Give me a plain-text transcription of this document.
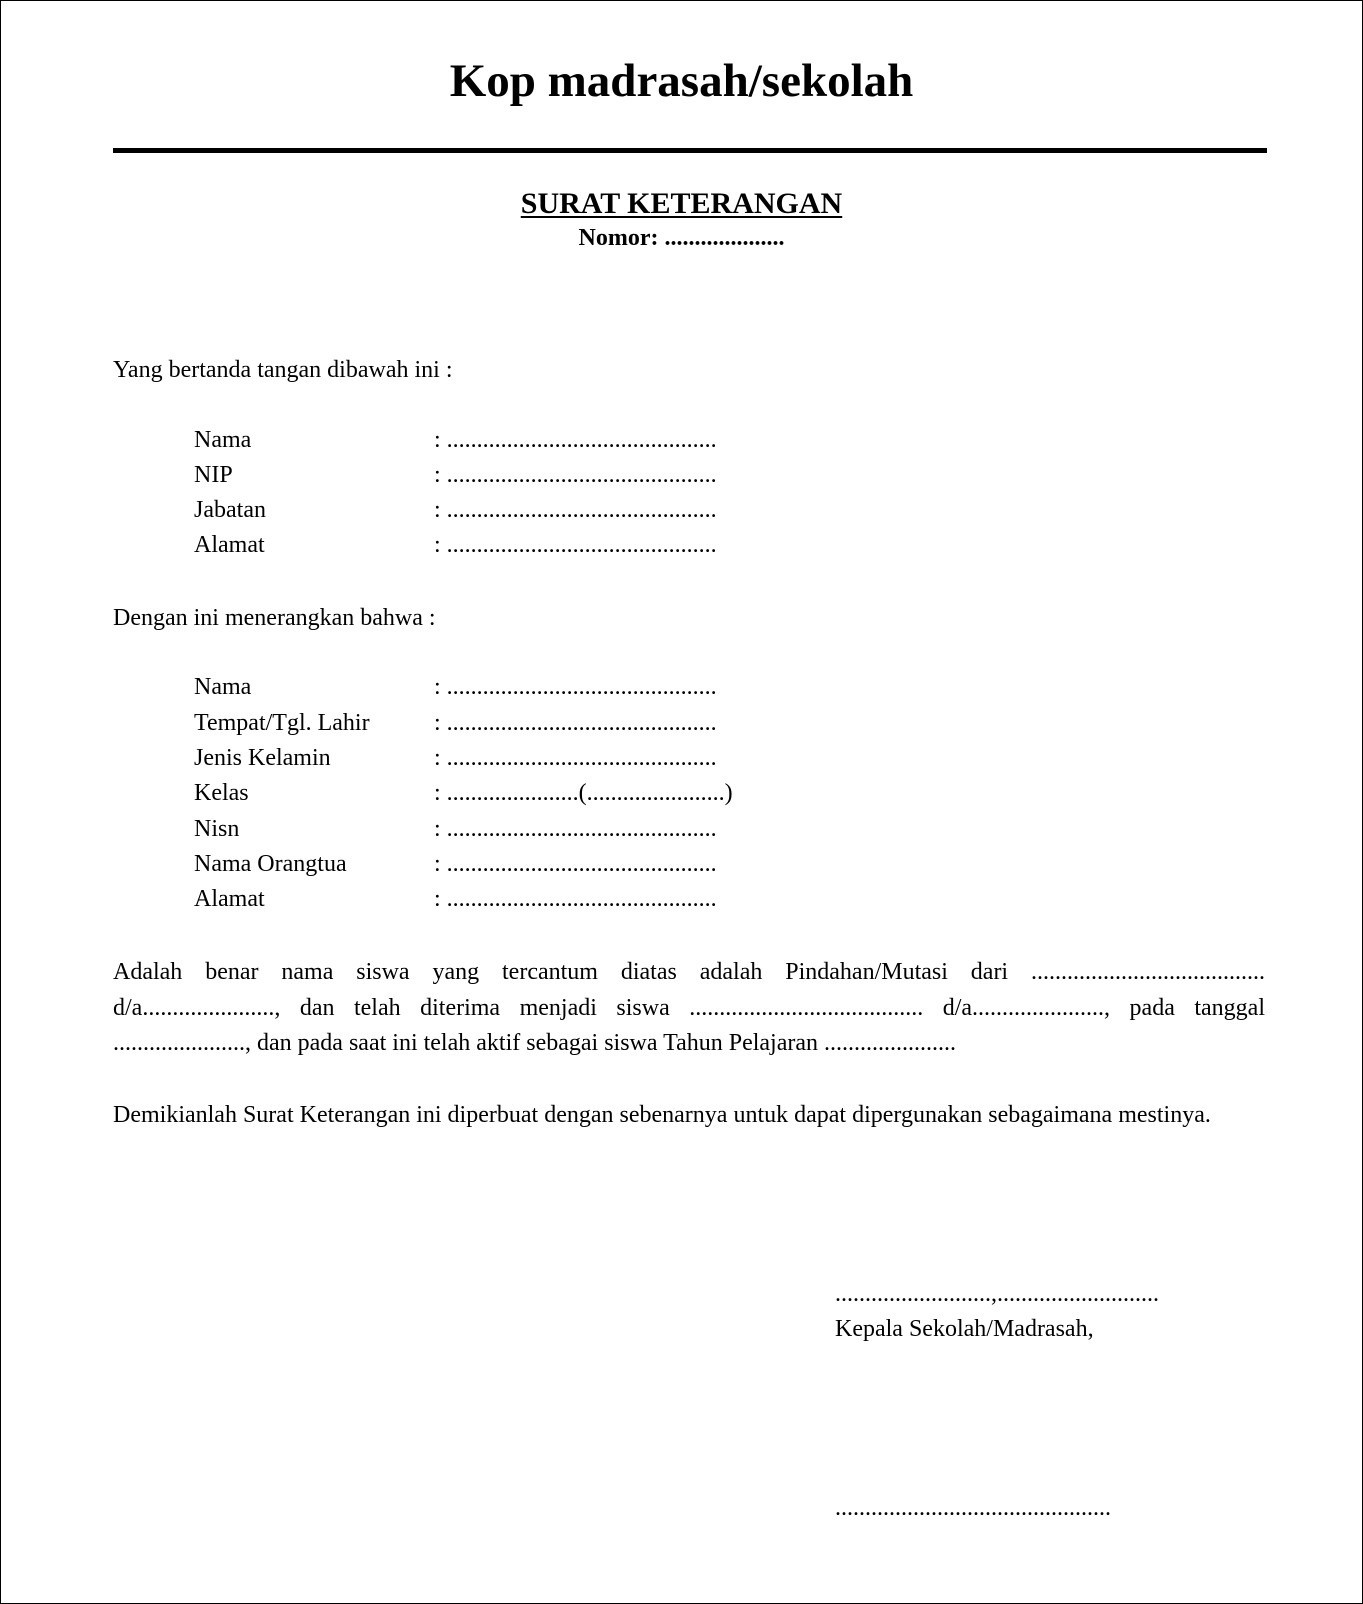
Kop madrasah/sekolah
SURAT KETERANGAN
Nomor: ....................
Yang bertanda tangan dibawah ini :
Nama	: .............................................
NIP	: .............................................
Jabatan	: .............................................
Alamat	: .............................................
Dengan ini menerangkan bahwa :
Nama	: .............................................
Tempat/Tgl. Lahir	: .............................................
Jenis Kelamin	: .............................................
Kelas	: ......................(.......................)
Nisn	: .............................................
Nama Orangtua	: .............................................
Alamat	: .............................................
Adalah benar nama siswa yang tercantum diatas adalah Pindahan/Mutasi dari ....................................... d/a......................, dan telah diterima menjadi siswa ....................................... d/a......................, pada tanggal ......................, dan pada saat ini telah aktif sebagai siswa Tahun Pelajaran ......................
Demikianlah Surat Keterangan ini diperbuat dengan sebenarnya untuk dapat dipergunakan sebagaimana mestinya.
..........................,...........................
Kepala Sekolah/Madrasah,
..............................................
